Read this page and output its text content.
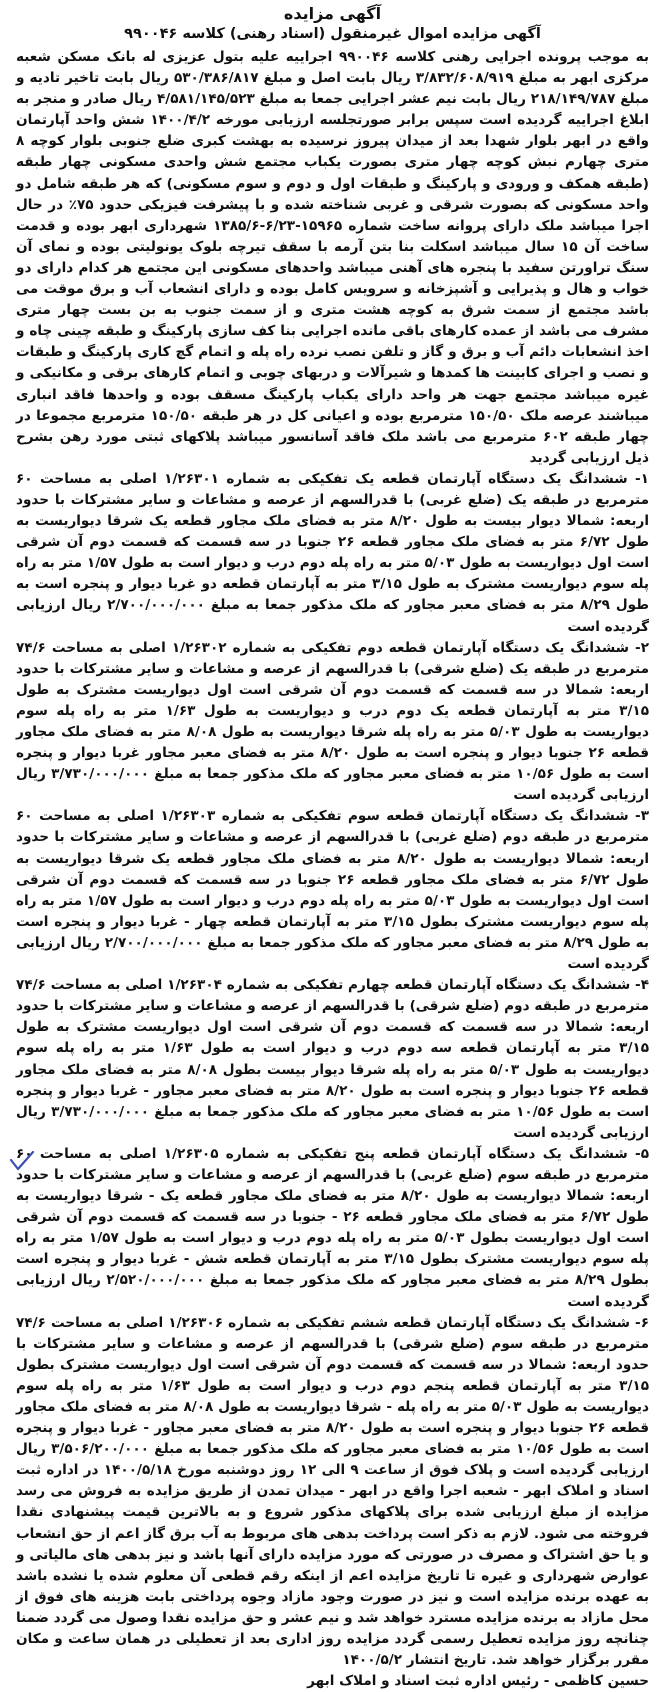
آگهی مزایده
آگهی مزایده اموال غیرمنقول (اسناد رهنی) کلاسه ۹۹۰۰۴۶

به موجب پرونده اجرایی رهنی کلاسه ۹۹۰۰۴۶ اجراییه علیه بتول عزیزی له بانک مسکن شعبه مرکزی ابهر به مبلغ ۳/۸۳۲/۶۰۸/۹۱۹ ریال بابت اصل و مبلغ ۵۳۰/۳۸۶/۸۱۷ ریال بابت تاخیر تادیه و مبلغ ۲۱۸/۱۴۹/۷۸۷ ریال بابت نیم عشر اجرایی جمعا به مبلغ ۴/۵۸۱/۱۴۵/۵۲۳ ریال صادر و منجر به ابلاغ اجراییه گردیده است سپس برابر صورتجلسه ارزیابی مورخه ۱۴۰۰/۴/۲ شش واحد آپارتمان واقع در ابهر بلوار شهدا بعد از میدان پیروز نرسیده به بهشت کبری ضلع جنوبی بلوار کوچه ۸ متری چهارم نبش کوچه چهار متری بصورت یکباب مجتمع شش واحدی مسکونی چهار طبقه (طبقه همکف و ورودی و پارکینگ و طبقات اول و دوم و سوم مسکونی) که هر طبقه شامل دو واحد مسکونی که بصورت شرقی و غربی شناخته شده و با پیشرفت فیزیکی حدود ۷۵٪ در حال اجرا میباشد ملک دارای پروانه ساخت شماره ۱۵۹۶۵-۶/۲۳-۱۳۸۵/۶ شهرداری ابهر بوده و قدمت ساخت آن ۱۵ سال میباشد اسکلت بنا بتن آرمه با سقف تیرچه بلوک یونولیتی بوده و نمای آن سنگ تراورتن سفید با پنجره های آهنی میباشد واحدهای مسکونی این مجتمع هر کدام دارای دو خواب و هال و پذیرایی و آشپزخانه و سرویس کامل بوده و دارای انشعاب آب و برق موقت می باشد مجتمع از سمت شرق به کوچه هشت متری و از سمت جنوب به بن بست چهار متری مشرف می باشد از عمده کارهای باقی مانده اجرایی بنا کف سازی پارکینگ و طبقه چینی چاه و اخذ انشعابات دائم آب و برق و گاز و تلفن نصب نرده راه پله و اتمام گچ کاری پارکینگ و طبقات و نصب و اجرای کابینت ها کمدها و شیرآلات و دربهای چوبی و اتمام کارهای برقی و مکانیکی و غیره میباشد مجتمع جهت هر واحد دارای یکباب پارکینگ مسقف بوده و واحدها فاقد انباری میباشند عرصه ملک ۱۵۰/۵۰ مترمربع بوده و اعیانی کل در هر طبقه ۱۵۰/۵۰ مترمربع مجموعا در چهار طبقه ۶۰۲ مترمربع می باشد ملک فاقد آسانسور میباشد پلاکهای ثبتی مورد رهن بشرح ذیل ارزیابی گردید

۱- ششدانگ یک دستگاه آپارتمان قطعه یک تفکیکی به شماره ۱/۲۶۳۰۱ اصلی به مساحت ۶۰ مترمربع در طبقه یک (ضلع غربی) با قدرالسهم از عرصه و مشاعات و سایر مشترکات با حدود اربعه: شمالا دیوار بیست به طول ۸/۲۰ متر به فضای ملک مجاور قطعه یک شرقا دیواریست به طول ۶/۷۲ متر به فضای ملک مجاور قطعه ۲۶ جنوبا در سه قسمت که قسمت دوم آن شرقی است اول دیواریست به طول ۵/۰۳ متر به راه پله دوم درب و دیوار است به طول ۱/۵۷ متر به راه پله سوم دیواریست مشترک به طول ۳/۱۵ متر به آپارتمان قطعه دو غربا دیوار و پنجره است به طول ۸/۲۹ متر به فضای معبر مجاور که ملک مذکور جمعا به مبلغ ۲/۷۰۰/۰۰۰/۰۰۰ ریال ارزیابی گردیده است

۲- ششدانگ یک دستگاه آپارتمان قطعه دوم تفکیکی به شماره ۱/۲۶۳۰۲ اصلی به مساحت ۷۴/۶ مترمربع در طبقه یک (ضلع شرقی) با قدرالسهم از عرصه و مشاعات و سایر مشترکات با حدود اربعه: شمالا در سه قسمت که قسمت دوم آن شرقی است اول دیواریست مشترک به طول ۳/۱۵ متر به آپارتمان قطعه یک دوم درب و دیواریست به طول ۱/۶۳ متر به راه پله سوم دیواریست به طول ۵/۰۳ متر به راه پله شرقا دیواریست به طول ۸/۰۸ متر به فضای ملک مجاور قطعه ۲۶ جنوبا دیوار و پنجره است به طول ۸/۲۰ متر به فضای معبر مجاور غربا دیوار و پنجره است به طول ۱۰/۵۶ متر به فضای معبر مجاور که ملک مذکور جمعا به مبلغ ۳/۷۳۰/۰۰۰/۰۰۰ ریال ارزیابی گردیده است

۳- ششدانگ یک دستگاه آپارتمان قطعه سوم تفکیکی به شماره ۱/۲۶۳۰۳ اصلی به مساحت ۶۰ مترمربع در طبقه دوم (ضلع غربی) با قدرالسهم از عرصه و مشاعات و سایر مشترکات با حدود اربعه: شمالا دیواریست به طول ۸/۲۰ متر به فضای ملک مجاور قطعه یک شرقا دیواریست به طول ۶/۷۲ متر به فضای ملک مجاور قطعه ۲۶ جنوبا در سه قسمت که قسمت دوم آن شرقی است اول دیواریست به طول ۵/۰۳ متر به راه پله دوم درب و دیوار است به طول ۱/۵۷ متر به راه پله سوم دیواریست مشترک بطول ۳/۱۵ متر به آپارتمان قطعه چهار - غربا دیوار و پنجره است به طول ۸/۲۹ متر به فضای معبر مجاور که ملک مذکور جمعا به مبلغ ۲/۷۰۰/۰۰۰/۰۰۰ ریال ارزیابی گردیده است

۴- ششدانگ یک دستگاه آپارتمان قطعه چهارم تفکیکی به شماره ۱/۲۶۳۰۴ اصلی به مساحت ۷۴/۶ مترمربع در طبقه دوم (ضلع شرقی) با قدرالسهم از عرصه و مشاعات و سایر مشترکات با حدود اربعه: شمالا در سه قسمت که قسمت دوم آن شرقی است اول دیواریست مشترک به طول ۳/۱۵ متر به آپارتمان قطعه سه دوم درب و دیوار است به طول ۱/۶۳ متر به راه پله سوم دیواریست به طول ۵/۰۳ متر به راه پله شرقا دیوار بیست بطول ۸/۰۸ متر به فضای ملک مجاور قطعه ۲۶ جنوبا دیوار و پنجره است به طول ۸/۲۰ متر به فضای معبر مجاور - غربا دیوار و پنجره است به طول ۱۰/۵۶ متر به فضای معبر مجاور که ملک مذکور جمعا به مبلغ ۳/۷۳۰/۰۰۰/۰۰۰ ریال ارزیابی گردیده است

۵- ششدانگ یک دستگاه آپارتمان قطعه پنج تفکیکی به شماره ۱/۲۶۳۰۵ اصلی به مساحت ۶۰ مترمربع در طبقه سوم (ضلع غربی) با قدرالسهم از عرصه و مشاعات و سایر مشترکات با حدود اربعه: شمالا دیواریست به طول ۸/۲۰ متر به فضای ملک مجاور قطعه یک - شرقا دیواریست به طول ۶/۷۲ متر به فضای ملک مجاور قطعه ۲۶ - جنوبا در سه قسمت که قسمت دوم آن شرقی است اول دیواریست بطول ۵/۰۳ متر به راه پله دوم درب و دیوار است به طول ۱/۵۷ متر به راه پله سوم دیواریست مشترک بطول ۳/۱۵ متر به آپارتمان قطعه شش - غربا دیوار و پنجره است بطول ۸/۲۹ متر به فضای معبر مجاور که ملک مذکور جمعا به مبلغ ۲/۵۲۰/۰۰۰/۰۰۰ ریال ارزیابی گردیده است

۶- ششدانگ یک دستگاه آپارتمان قطعه ششم تفکیکی به شماره ۱/۲۶۳۰۶ اصلی به مساحت ۷۴/۶ مترمربع در طبقه سوم (ضلع شرقی) با قدرالسهم از عرصه و مشاعات و سایر مشترکات با حدود اربعه: شمالا در سه قسمت که قسمت دوم آن شرقی است اول دیواریست مشترک بطول ۳/۱۵ متر به آپارتمان قطعه پنجم دوم درب و دیوار است به طول ۱/۶۳ متر به راه پله سوم دیواریست به طول ۵/۰۳ متر به راه پله - شرقا دیواریست به طول ۸/۰۸ متر به فضای ملک مجاور قطعه ۲۶ جنوبا دیوار و پنجره است به طول ۸/۲۰ متر به فضای معبر مجاور - غربا دیوار و پنجره است به طول ۱۰/۵۶ متر به فضای معبر مجاور که ملک مذکور جمعا به مبلغ ۳/۵۰۶/۲۰۰/۰۰۰ ریال ارزیابی گردیده است و پلاک فوق از ساعت ۹ الی ۱۲ روز دوشنبه مورخ ۱۴۰۰/۵/۱۸ در اداره ثبت اسناد و املاک ابهر - شعبه اجرا واقع در ابهر - میدان تمدن از طریق مزایده به فروش می رسد مزایده از مبلغ ارزیابی شده برای پلاکهای مذکور شروع و به بالاترین قیمت پیشنهادی نقدا فروخته می شود. لازم به ذکر است پرداخت بدهی های مربوط به آب برق گاز اعم از حق انشعاب و یا حق اشتراک و مصرف در صورتی که مورد مزایده دارای آنها باشد و نیز بدهی های مالیاتی و عوارض شهرداری و غیره تا تاریخ مزایده اعم از اینکه رقم قطعی آن معلوم شده یا نشده باشد به عهده برنده مزایده است و نیز در صورت وجود مازاد وجوه پرداختی بابت هزینه های فوق از محل مازاد به برنده مزایده مسترد خواهد شد و نیم عشر و حق مزایده نقدا وصول می گردد ضمنا چنانچه روز مزایده تعطیل رسمی گردد مزایده روز اداری بعد از تعطیلی در همان ساعت و مکان مقرر برگزار خواهد شد. تاریخ انتشار ۱۴۰۰/۵/۲

حسین کاظمی - رئیس اداره ثبت اسناد و املاک ابهر
